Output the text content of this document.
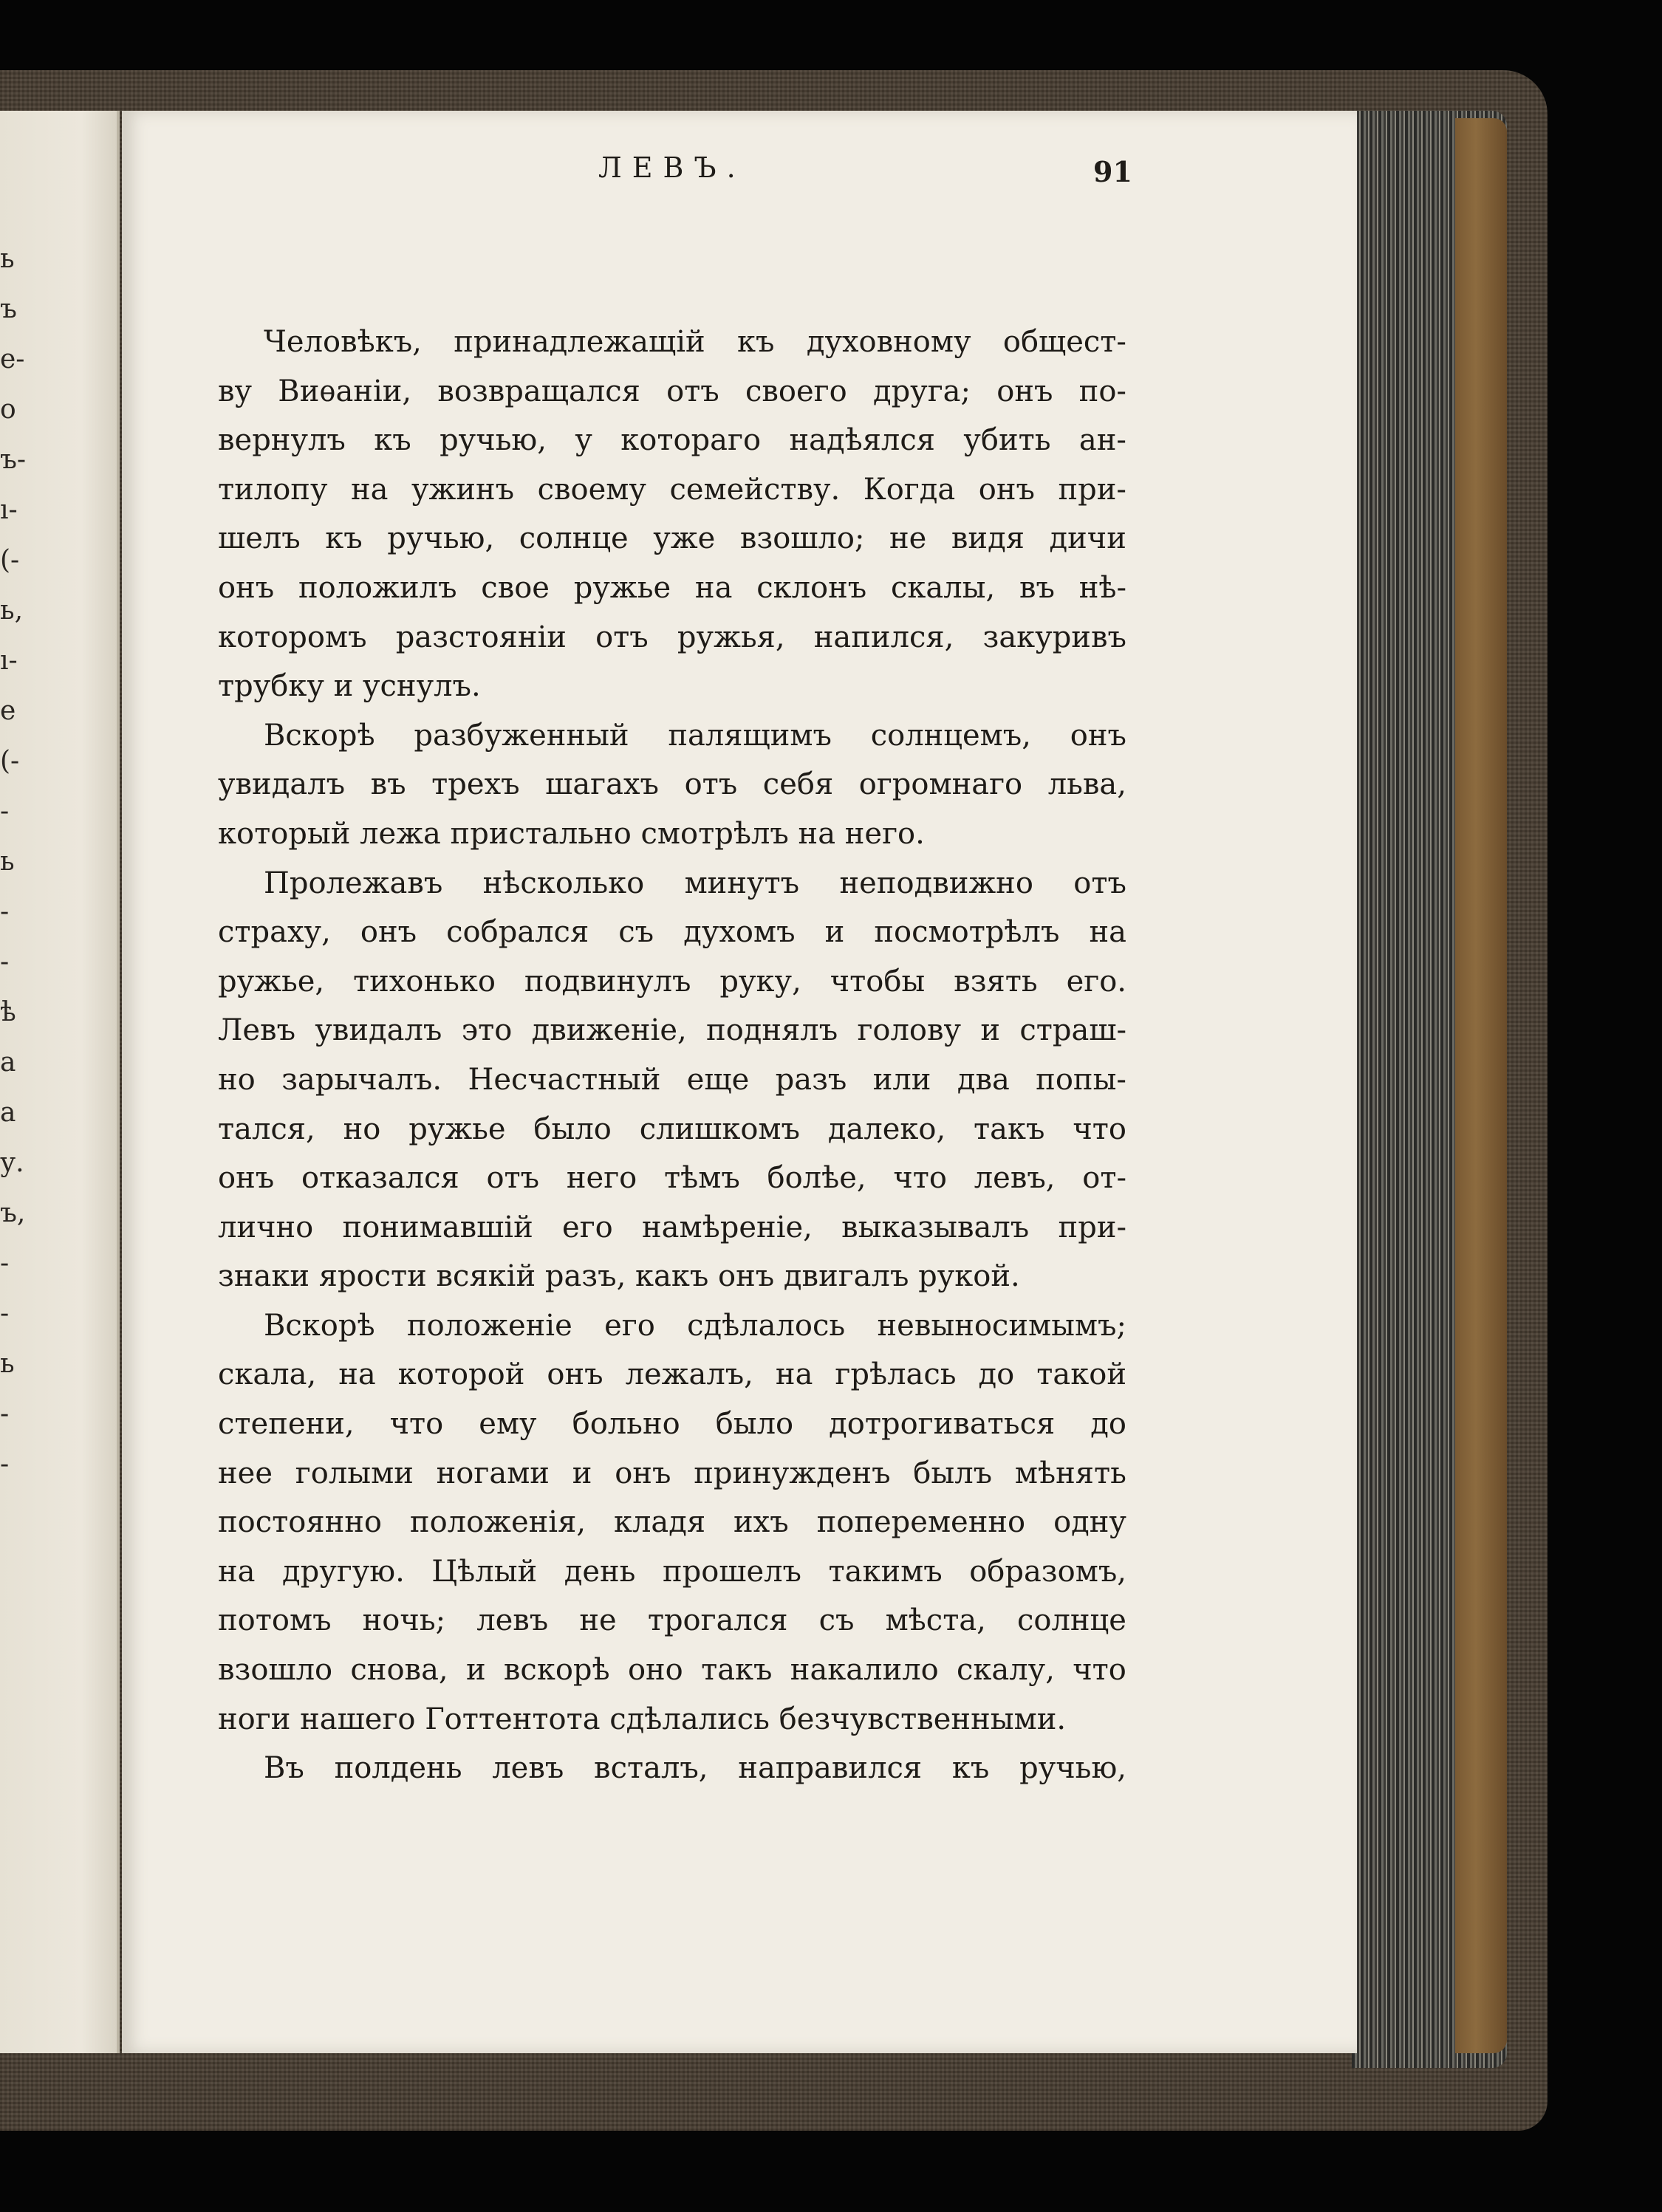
ь
ъ
e-
о
ъ-
ı-
(-
ь,
ı-
е
(-
-
ь
-
-
ѣ
а
а
у.
ъ,
-
-
ь
-
-
ЛЕВЪ.	91
Человѣкъ, принадлежащій къ духовному общест-
ву Виѳаніи, возвращался отъ своего друга; онъ по-
вернулъ къ ручью, у котораго надѣялся убить ан-
тилопу на ужинъ своему семейству. Когда онъ при-
шелъ къ ручью, солнце уже взошло; не видя дичи
онъ положилъ свое ружье на склонъ скалы, въ нѣ-
которомъ разстояніи отъ ружья, напился, закуривъ
трубку и уснулъ.
Вскорѣ разбуженный палящимъ солнцемъ, онъ
увидалъ въ трехъ шагахъ отъ себя огромнаго льва,
который лежа пристально смотрѣлъ на него.
Пролежавъ нѣсколько минутъ неподвижно отъ
страху, онъ собрался съ духомъ и посмотрѣлъ на
ружье, тихонько подвинулъ руку, чтобы взять его.
Левъ увидалъ это движеніе, поднялъ голову и страш-
но зарычалъ. Несчастный еще разъ или два попы-
тался, но ружье было слишкомъ далеко, такъ что
онъ отказался отъ него тѣмъ болѣе, что левъ, от-
лично понимавшій его намѣреніе, выказывалъ при-
знаки ярости всякій разъ, какъ онъ двигалъ рукой.
Вскорѣ положеніе его сдѣлалось невыносимымъ;
скала, на которой онъ лежалъ, на грѣлась до такой
степени, что ему больно было дотрогиваться до
нее голыми ногами и онъ принужденъ былъ мѣнять
постоянно положенія, кладя ихъ попеременно одну
на другую. Цѣлый день прошелъ такимъ образомъ,
потомъ ночь; левъ не трогался съ мѣста, солнце
взошло снова, и вскорѣ оно такъ накалило скалу, что
ноги нашего Готтентота сдѣлались безчувственными.
Въ полдень левъ всталъ, направился къ ручью,
